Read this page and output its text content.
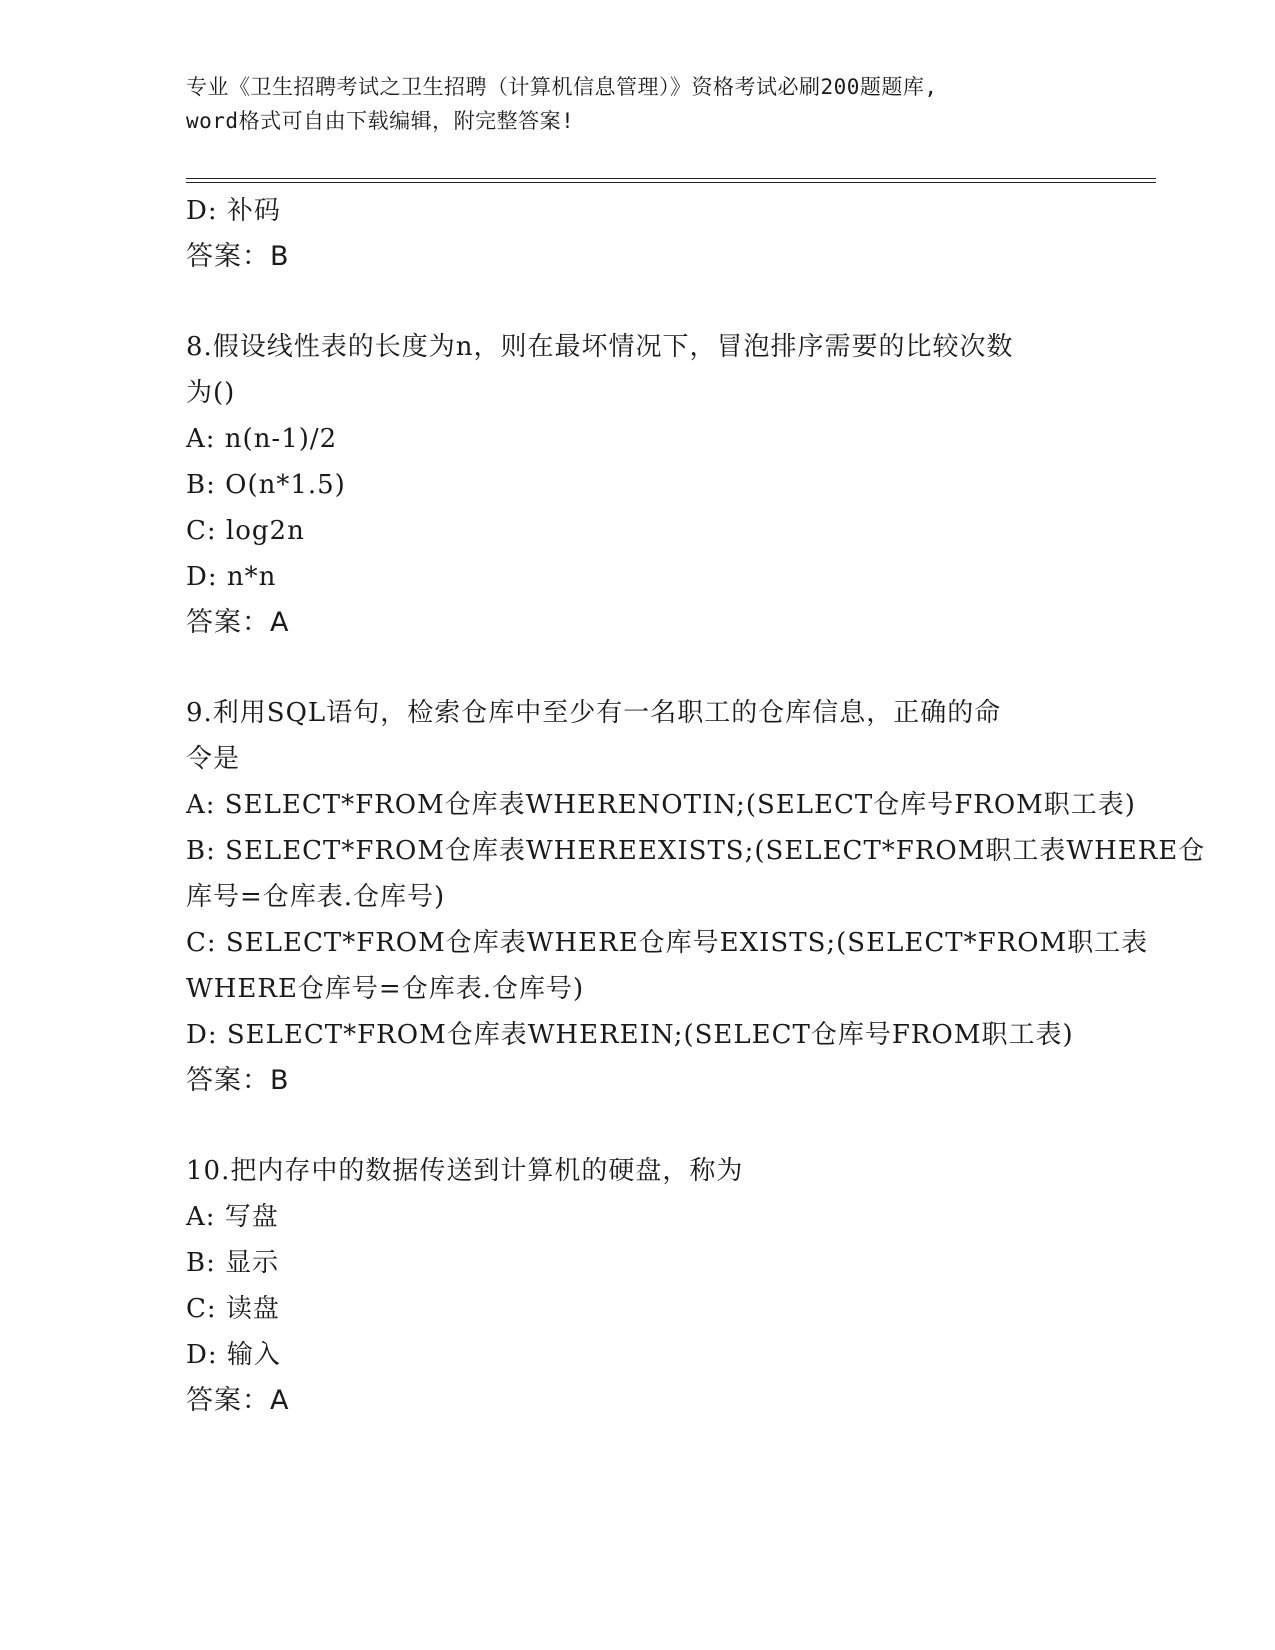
专业《卫生招聘考试之卫生招聘（计算机信息管理）》资格考试必刷200题题库,
word格式可自由下载编辑，附完整答案!
D: 补码
答案：B
8.假设线性表的长度为n，则在最坏情况下，冒泡排序需要的比较次数
为()
A: n(n-1)/2
B: O(n*1.5)
C: log2n
D: n*n
答案：A
9.利用SQL语句，检索仓库中至少有一名职工的仓库信息，正确的命
令是
A: SELECT*FROM仓库表WHERENOTIN;(SELECT仓库号FROM职工表)
B: SELECT*FROM仓库表WHEREEXISTS;(SELECT*FROM职工表WHERE仓
库号=仓库表.仓库号)
C: SELECT*FROM仓库表WHERE仓库号EXISTS;(SELECT*FROM职工表
WHERE仓库号=仓库表.仓库号)
D: SELECT*FROM仓库表WHEREIN;(SELECT仓库号FROM职工表)
答案：B
10.把内存中的数据传送到计算机的硬盘，称为
A: 写盘
B: 显示
C: 读盘
D: 输入
答案：A
